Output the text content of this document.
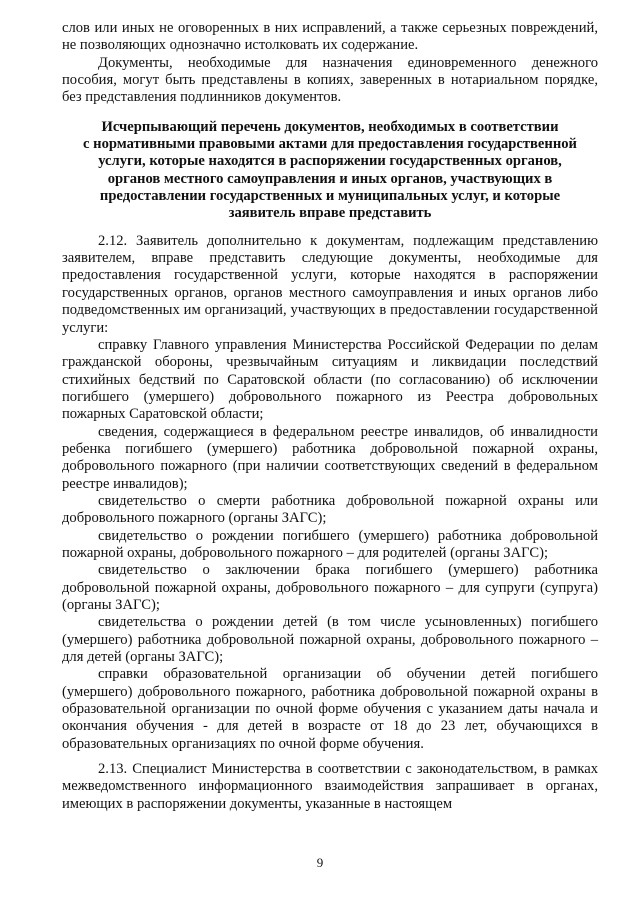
слов или иных не оговоренных в них исправлений, а также серьезных повреждений, не позволяющих однозначно истолковать их содержание.

Документы, необходимые для назначения единовременного денежного пособия, могут быть представлены в копиях, заверенных в нотариальном порядке, без представления подлинников документов.

Исчерпывающий перечень документов, необходимых в соответствии
с нормативными правовыми актами для предоставления государственной
услуги, которые находятся в распоряжении государственных органов,
органов местного самоуправления и иных органов, участвующих в
предоставлении государственных и муниципальных услуг, и которые
заявитель вправе представить

2.12. Заявитель дополнительно к документам, подлежащим представлению заявителем, вправе представить следующие документы, необходимые для предоставления государственной услуги, которые находятся в распоряжении государственных органов, органов местного самоуправления и иных органов либо подведомственных им организаций, участвующих в предоставлении государственной услуги:

справку Главного управления Министерства Российской Федерации по делам гражданской обороны, чрезвычайным ситуациям и ликвидации последствий стихийных бедствий по Саратовской области (по согласованию) об исключении погибшего (умершего) добровольного пожарного из Реестра добровольных пожарных Саратовской области;

сведения, содержащиеся в федеральном реестре инвалидов, об инвалидности ребенка погибшего (умершего) работника добровольной пожарной охраны, добровольного пожарного (при наличии соответствующих сведений в федеральном реестре инвалидов);

свидетельство о смерти работника добровольной пожарной охраны или добровольного пожарного (органы ЗАГС);

свидетельство о рождении погибшего (умершего) работника добровольной пожарной охраны, добровольного пожарного – для родителей (органы ЗАГС);

свидетельство о заключении брака погибшего (умершего) работника добровольной пожарной охраны, добровольного пожарного – для супруги (супруга) (органы ЗАГС);

свидетельства о рождении детей (в том числе усыновленных) погибшего (умершего) работника добровольной пожарной охраны, добровольного пожарного – для детей (органы ЗАГС);

справки образовательной организации об обучении детей погибшего (умершего) добровольного пожарного, работника добровольной пожарной охраны в образовательной организации по очной форме обучения с указанием даты начала и окончания обучения - для детей в возрасте от 18 до 23 лет, обучающихся в образовательных организациях по очной форме обучения.

2.13. Специалист Министерства в соответствии с законодательством, в рамках межведомственного информационного взаимодействия запрашивает в органах, имеющих в распоряжении документы, указанные в настоящем

9
